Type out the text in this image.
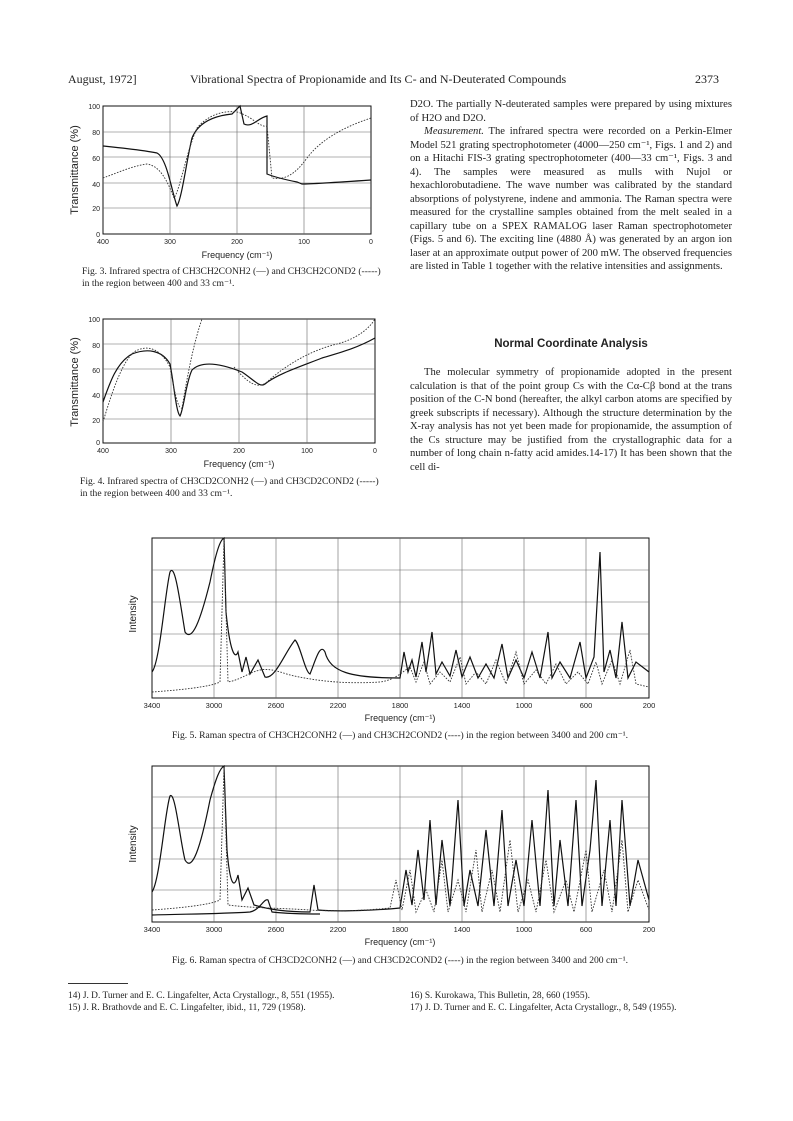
August, 1972]	Vibrational Spectra of Propionamide and Its C- and N-Deuterated Compounds	2373
Transmittance (%)
100
80
60
40
20
0
400	300	200	100	0
Frequency (cm⁻¹)
Fig. 3. Infrared spectra of CH3CH2CONH2 (—) and CH3CH2COND2 (-----) in the region between 400 and 33 cm⁻¹.
Transmittance (%)
100
80
60
40
20
0
400	300	200	100	0
Frequency (cm⁻¹)
Fig. 4. Infrared spectra of CH3CD2CONH2 (—) and CH3CD2COND2 (-----) in the region between 400 and 33 cm⁻¹.

D2O. The partially N-deuterated samples were prepared by using mixtures of H2O and D2O.

Measurement. The infrared spectra were recorded on a Perkin-Elmer Model 521 grating spectrophotometer (4000—250 cm⁻¹, Figs. 1 and 2) and on a Hitachi FIS-3 grating spectrophotometer (400—33 cm⁻¹, Figs. 3 and 4). The samples were measured as mulls with Nujol or hexachlorobutadiene. The wave number was calibrated by the standard absorptions of polystyrene, indene and ammonia. The Raman spectra were measured for the crystalline samples obtained from the melt sealed in a capillary tube on a SPEX RAMALOG laser Raman spectrophotometer (Figs. 5 and 6). The exciting line (4880 Å) was generated by an argon ion laser at an approximate output power of 200 mW. The observed frequencies are listed in Table 1 together with the relative intensities and assignments.

Normal Coordinate Analysis

The molecular symmetry of propionamide adopted in the present calculation is that of the point group Cs with the Cα-Cβ bond at the trans position of the C-N bond (hereafter, the alkyl carbon atoms are specified by greek subscripts if necessary). Although the structure determination by the X-ray analysis has not yet been made for propionamide, the assumption of the Cs structure may be justified from the crystallographic data for a number of long chain n-fatty acid amides.14-17) It has been shown that the cell di-

Intensity
3400	3000	2600	2200	1800	1400	1000	600	200
Frequency (cm⁻¹)
Fig. 5. Raman spectra of CH3CH2CONH2 (—) and CH3CH2COND2 (----) in the region between 3400 and 200 cm⁻¹.
Intensity
3400	3000	2600	2200	1800	1400	1000	600	200
Frequency (cm⁻¹)
Fig. 6. Raman spectra of CH3CD2CONH2 (—) and CH3CD2COND2 (----) in the region between 3400 and 200 cm⁻¹.
14) J. D. Turner and E. C. Lingafelter, Acta Crystallogr., 8, 551 (1955).
15) J. R. Brathovde and E. C. Lingafelter, ibid., 11, 729 (1958).
16) S. Kurokawa, This Bulletin, 28, 660 (1955).
17) J. D. Turner and E. C. Lingafelter, Acta Crystallogr., 8, 549 (1955).
